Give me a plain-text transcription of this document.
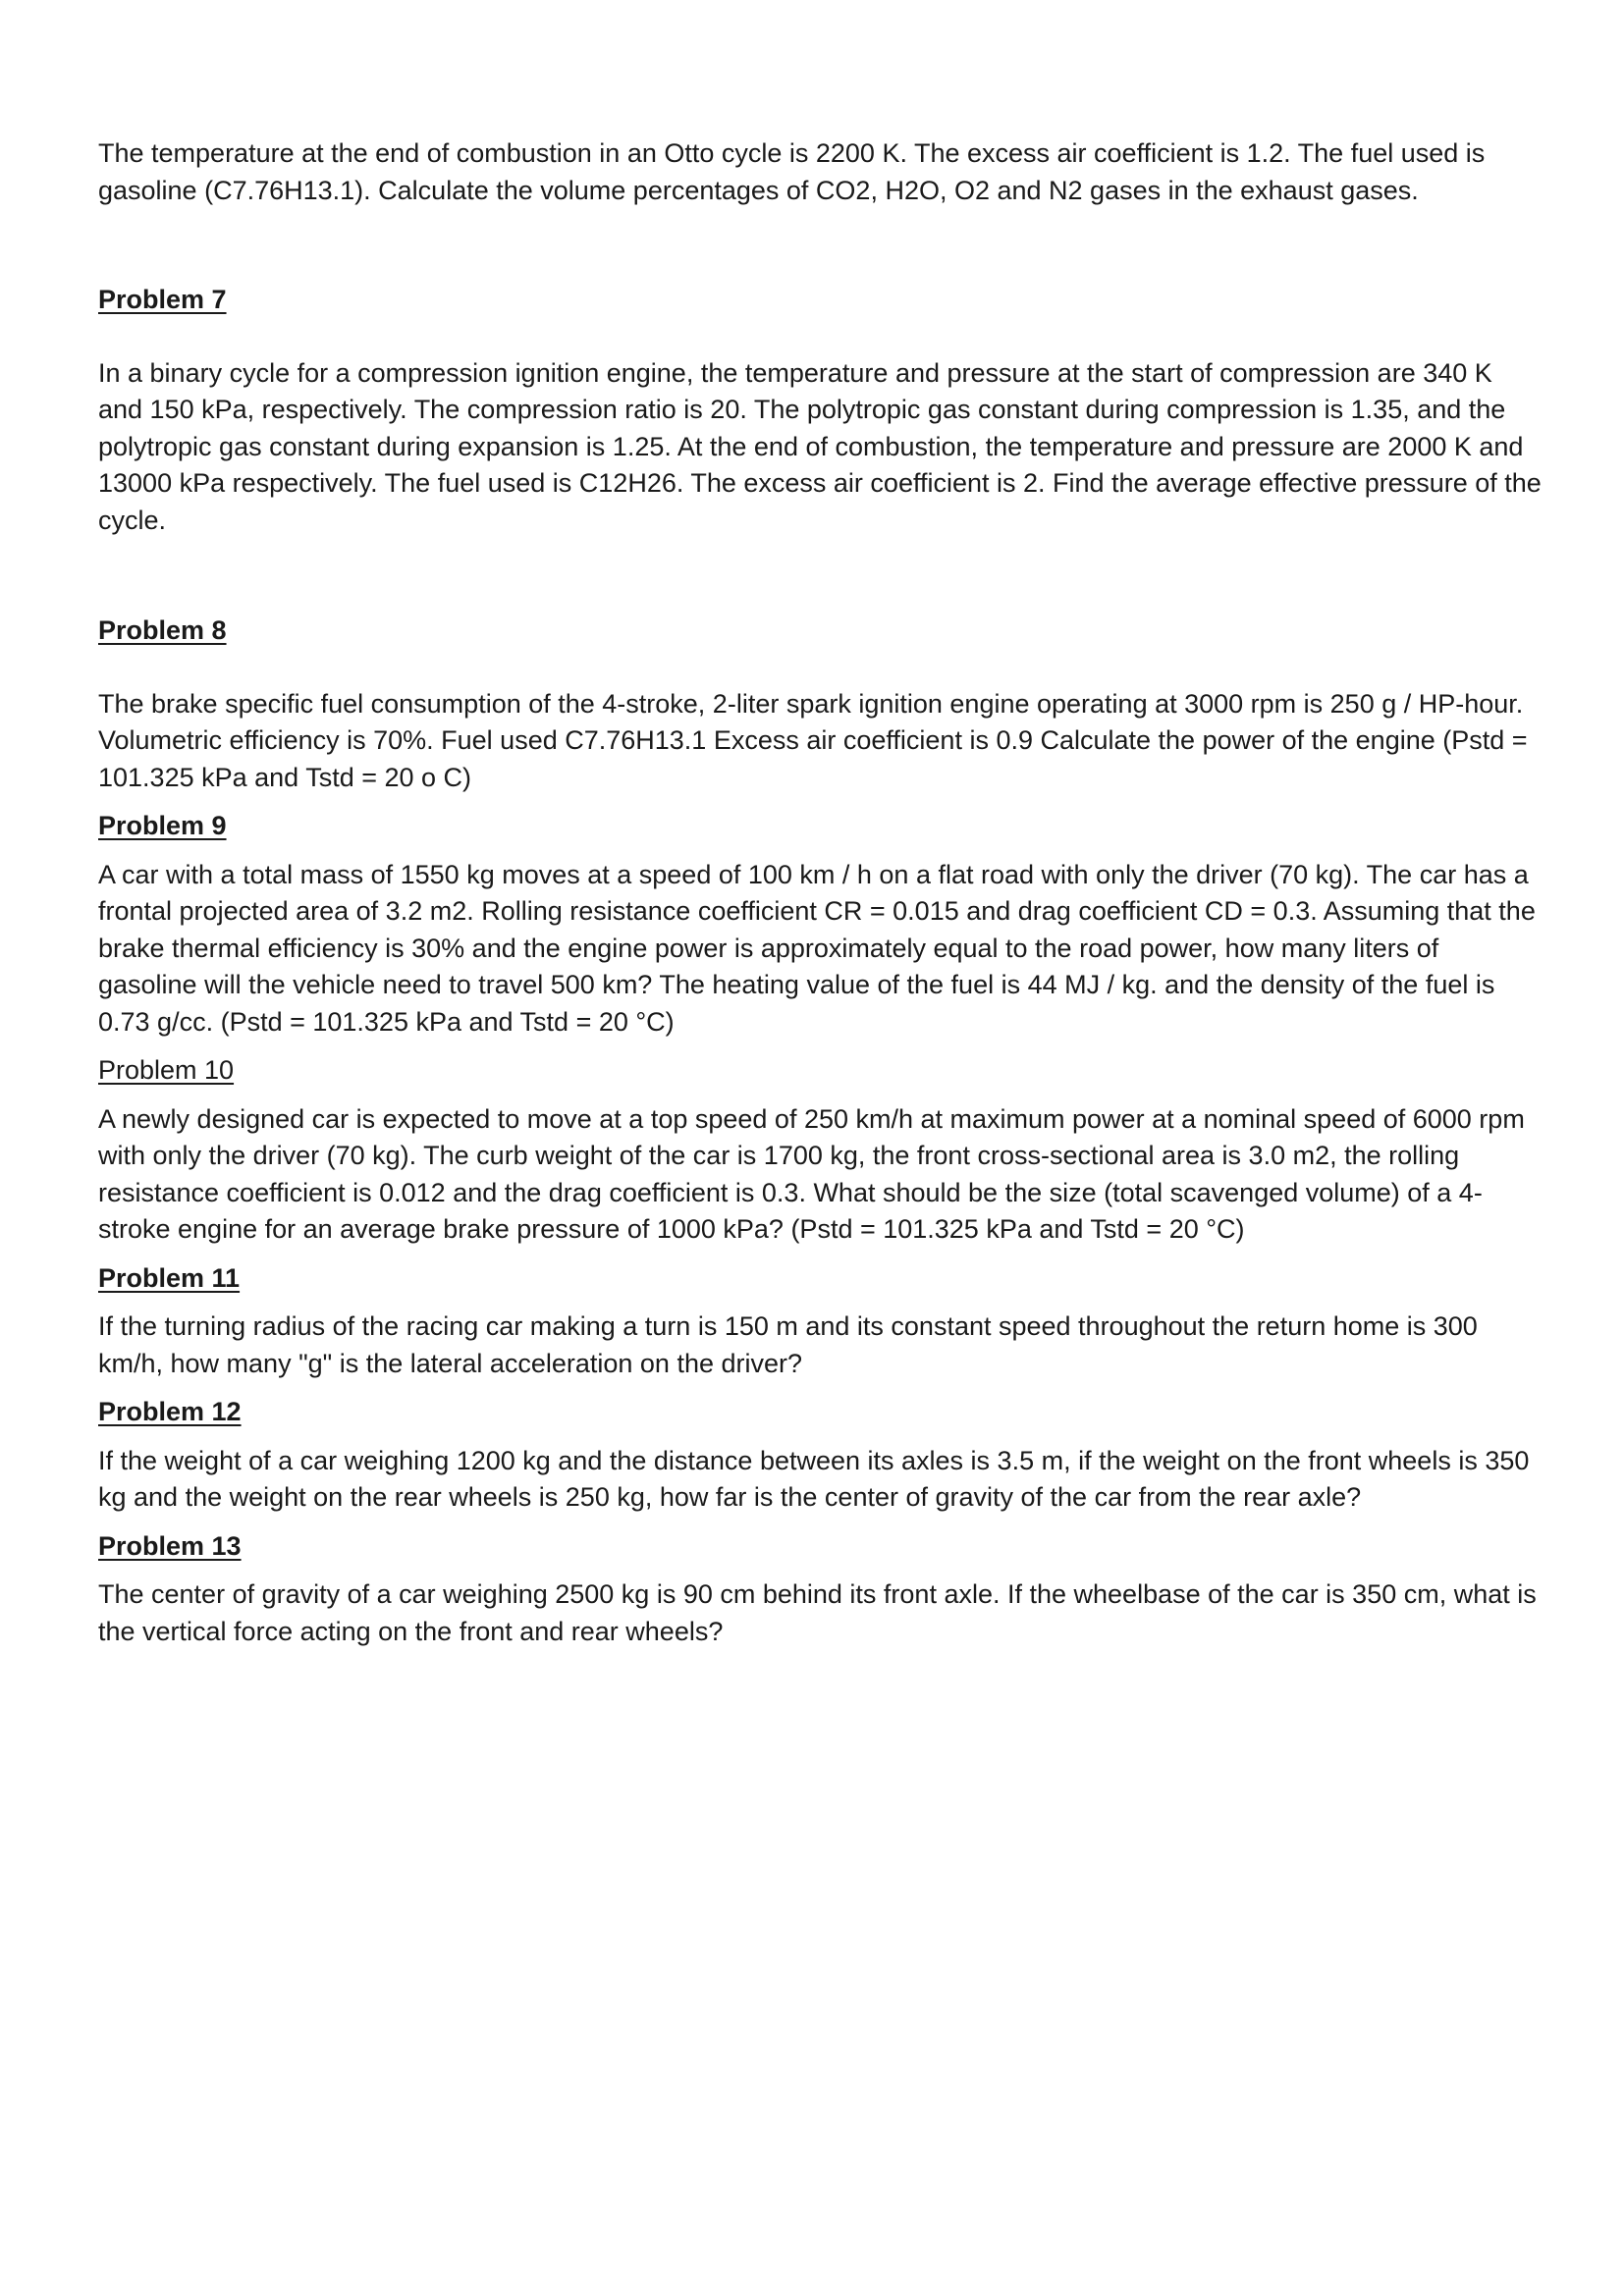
The temperature at the end of combustion in an Otto cycle is 2200 K. The excess air coefficient is 1.2. The fuel used is gasoline (C7.76H13.1). Calculate the volume percentages of CO2, H2O, O2 and N2 gases in the exhaust gases.

Problem 7

In a binary cycle for a compression ignition engine, the temperature and pressure at the start of compression are 340 K and 150 kPa, respectively. The compression ratio is 20. The polytropic gas constant during compression is 1.35, and the polytropic gas constant during expansion is 1.25. At the end of combustion, the temperature and pressure are 2000 K and 13000 kPa respectively. The fuel used is C12H26. The excess air coefficient is 2. Find the average effective pressure of the cycle.

Problem 8

The brake specific fuel consumption of the 4-stroke, 2-liter spark ignition engine operating at 3000 rpm is 250 g / HP-hour. Volumetric efficiency is 70%. Fuel used C7.76H13.1 Excess air coefficient is 0.9 Calculate the power of the engine (Pstd = 101.325 kPa and Tstd = 20 o C)

Problem 9

A car with a total mass of 1550 kg moves at a speed of 100 km / h on a flat road with only the driver (70 kg). The car has a frontal projected area of 3.2 m2. Rolling resistance coefficient CR = 0.015 and drag coefficient CD = 0.3. Assuming that the brake thermal efficiency is 30% and the engine power is approximately equal to the road power, how many liters of gasoline will the vehicle need to travel 500 km? The heating value of the fuel is 44 MJ / kg. and the density of the fuel is 0.73 g/cc. (Pstd = 101.325 kPa and Tstd = 20 °C)

Problem 10

A newly designed car is expected to move at a top speed of 250 km/h at maximum power at a nominal speed of 6000 rpm with only the driver (70 kg). The curb weight of the car is 1700 kg, the front cross-sectional area is 3.0 m2, the rolling resistance coefficient is 0.012 and the drag coefficient is 0.3. What should be the size (total scavenged volume) of a 4-stroke engine for an average brake pressure of 1000 kPa? (Pstd = 101.325 kPa and Tstd = 20 °C)

Problem 11

If the turning radius of the racing car making a turn is 150 m and its constant speed throughout the return home is 300 km/h, how many "g" is the lateral acceleration on the driver?

Problem 12

If the weight of a car weighing 1200 kg and the distance between its axles is 3.5 m, if the weight on the front wheels is 350 kg and the weight on the rear wheels is 250 kg, how far is the center of gravity of the car from the rear axle?

Problem 13

The center of gravity of a car weighing 2500 kg is 90 cm behind its front axle. If the wheelbase of the car is 350 cm, what is the vertical force acting on the front and rear wheels?
